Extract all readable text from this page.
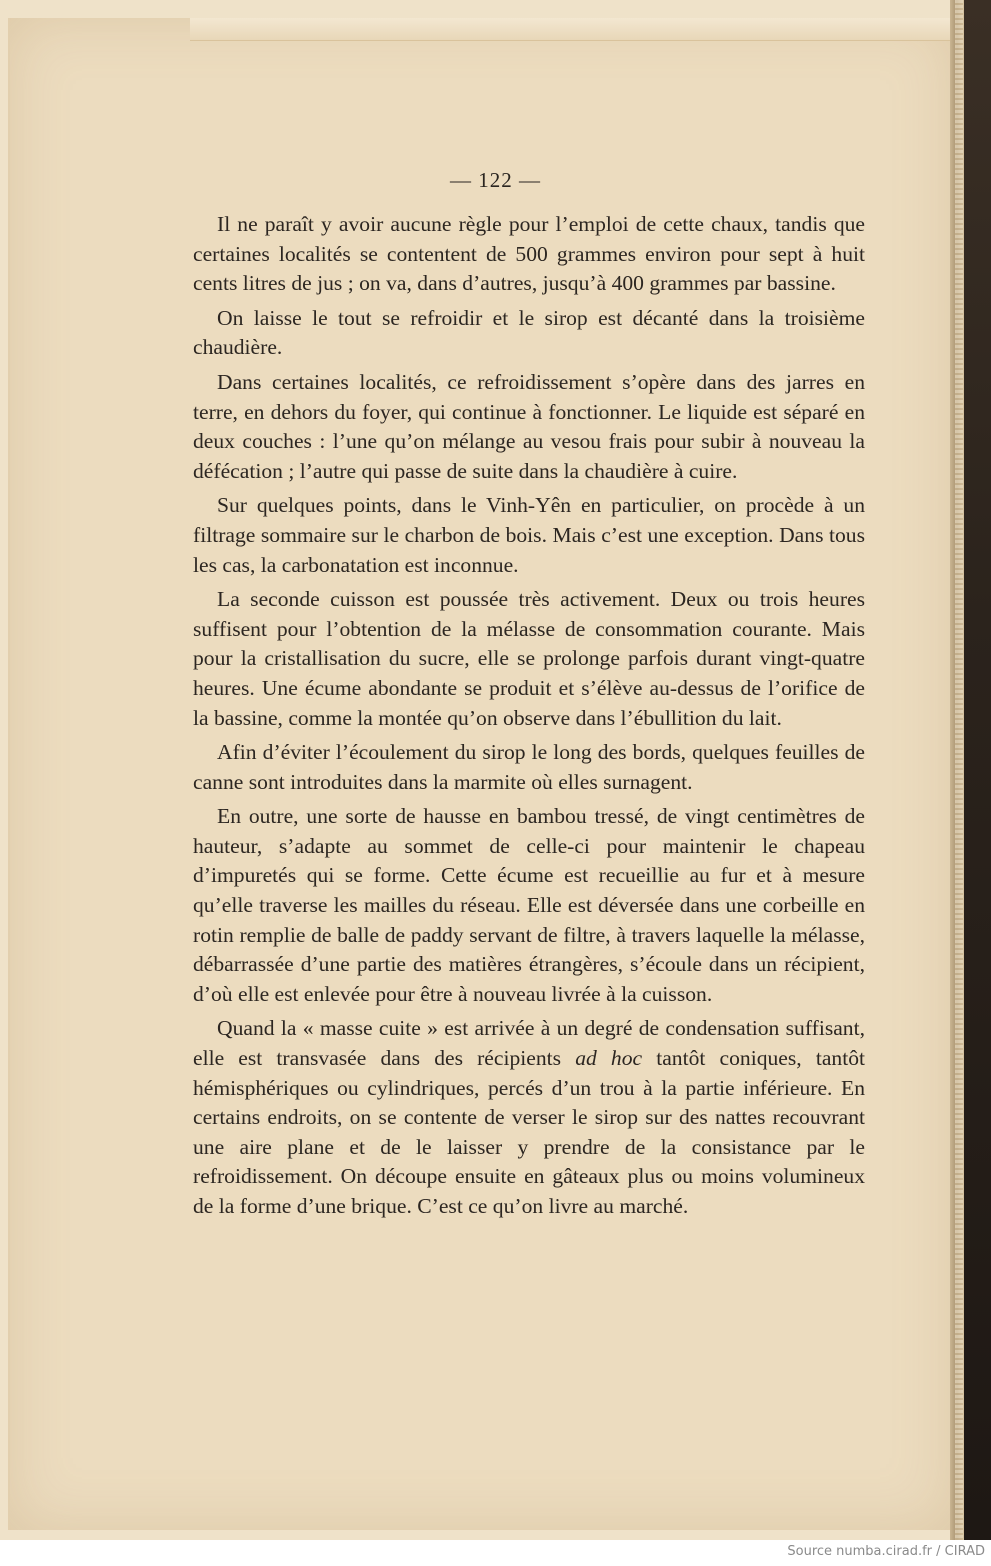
— 122 —

Il ne paraît y avoir aucune règle pour l’emploi de cette chaux, tandis que certaines localités se contentent de 500 grammes environ pour sept à huit cents litres de jus ; on va, dans d’autres, jusqu’à 400 grammes par bassine.

On laisse le tout se refroidir et le sirop est décanté dans la troisième chaudière.

Dans certaines localités, ce refroidissement s’opère dans des jarres en terre, en dehors du foyer, qui continue à fonctionner. Le liquide est séparé en deux couches : l’une qu’on mélange au vesou frais pour subir à nouveau la défécation ; l’autre qui passe de suite dans la chaudière à cuire.

Sur quelques points, dans le Vinh-Yên en particulier, on procède à un filtrage sommaire sur le charbon de bois. Mais c’est une exception. Dans tous les cas, la carbonatation est inconnue.

La seconde cuisson est poussée très activement. Deux ou trois heures suffisent pour l’obtention de la mélasse de consommation courante. Mais pour la cristallisation du sucre, elle se prolonge parfois durant vingt-quatre heures. Une écume abondante se produit et s’élève au-dessus de l’orifice de la bassine, comme la montée qu’on observe dans l’ébullition du lait.

Afin d’éviter l’écoulement du sirop le long des bords, quelques feuilles de canne sont introduites dans la marmite où elles surnagent.

En outre, une sorte de hausse en bambou tressé, de vingt centimètres de hauteur, s’adapte au sommet de celle-ci pour maintenir le chapeau d’impuretés qui se forme. Cette écume est recueillie au fur et à mesure qu’elle traverse les mailles du réseau. Elle est déversée dans une corbeille en rotin remplie de balle de paddy servant de filtre, à travers laquelle la mélasse, débarrassée d’une partie des matières étrangères, s’écoule dans un récipient, d’où elle est enlevée pour être à nouveau livrée à la cuisson.

Quand la « masse cuite » est arrivée à un degré de condensation suffisant, elle est transvasée dans des récipients ad hoc tantôt coniques, tantôt hémisphériques ou cylindriques, percés d’un trou à la partie inférieure. En certains endroits, on se contente de verser le sirop sur des nattes recouvrant une aire plane et de le laisser y prendre de la consistance par le refroidissement. On découpe ensuite en gâteaux plus ou moins volumineux de la forme d’une brique. C’est ce qu’on livre au marché.

Source numba.cirad.fr / CIRAD
